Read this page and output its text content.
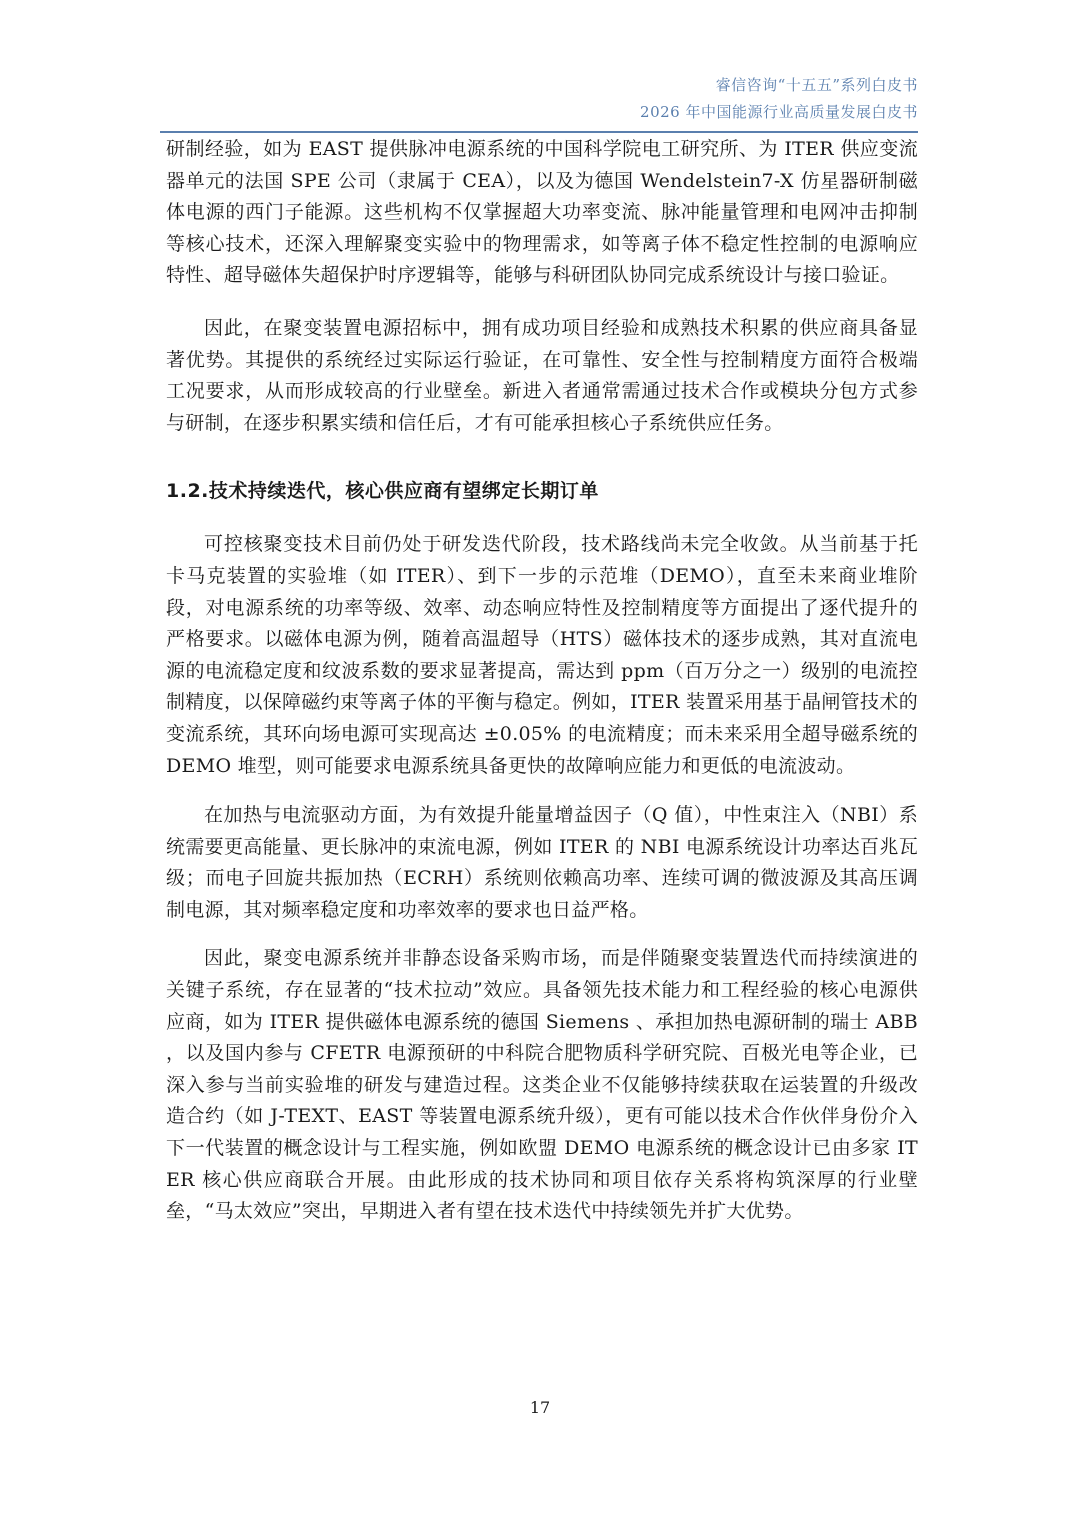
睿信咨询“十五五”系列白皮书
2026 年中国能源行业高质量发展白皮书

研制经验，如为 EAST 提供脉冲电源系统的中国科学院电工研究所、为 ITER 供应变流器单元的法国 SPE 公司（隶属于 CEA），以及为德国 Wendelstein7-X 仿星器研制磁体电源的西门子能源。这些机构不仅掌握超大功率变流、脉冲能量管理和电网冲击抑制等核心技术，还深入理解聚变实验中的物理需求，如等离子体不稳定性控制的电源响应特性、超导磁体失超保护时序逻辑等，能够与科研团队协同完成系统设计与接口验证。

因此，在聚变装置电源招标中，拥有成功项目经验和成熟技术积累的供应商具备显著优势。其提供的系统经过实际运行验证，在可靠性、安全性与控制精度方面符合极端工况要求，从而形成较高的行业壁垒。新进入者通常需通过技术合作或模块分包方式参与研制，在逐步积累实绩和信任后，才有可能承担核心子系统供应任务。

1.2.技术持续迭代，核心供应商有望绑定长期订单

可控核聚变技术目前仍处于研发迭代阶段，技术路线尚未完全收敛。从当前基于托卡马克装置的实验堆（如 ITER）、到下一步的示范堆（DEMO），直至未来商业堆阶段，对电源系统的功率等级、效率、动态响应特性及控制精度等方面提出了逐代提升的严格要求。以磁体电源为例，随着高温超导（HTS）磁体技术的逐步成熟，其对直流电源的电流稳定度和纹波系数的要求显著提高，需达到 ppm（百万分之一）级别的电流控制精度，以保障磁约束等离子体的平衡与稳定。例如，ITER 装置采用基于晶闸管技术的变流系统，其环向场电源可实现高达 ±0.05% 的电流精度；而未来采用全超导磁系统的 DEMO 堆型，则可能要求电源系统具备更快的故障响应能力和更低的电流波动。

在加热与电流驱动方面，为有效提升能量增益因子（Q 值），中性束注入（NBI）系统需要更高能量、更长脉冲的束流电源，例如 ITER 的 NBI 电源系统设计功率达百兆瓦级；而电子回旋共振加热（ECRH）系统则依赖高功率、连续可调的微波源及其高压调制电源，其对频率稳定度和功率效率的要求也日益严格。

因此，聚变电源系统并非静态设备采购市场，而是伴随聚变装置迭代而持续演进的关键子系统，存在显著的“技术拉动”效应。具备领先技术能力和工程经验的核心电源供应商，如为 ITER 提供磁体电源系统的德国 Siemens 、承担加热电源研制的瑞士 ABB ，以及国内参与 CFETR 电源预研的中科院合肥物质科学研究院、百极光电等企业，已深入参与当前实验堆的研发与建造过程。这类企业不仅能够持续获取在运装置的升级改造合约（如 J-TEXT、EAST 等装置电源系统升级），更有可能以技术合作伙伴身份介入下一代装置的概念设计与工程实施，例如欧盟 DEMO 电源系统的概念设计已由多家 ITER 核心供应商联合开展。由此形成的技术协同和项目依存关系将构筑深厚的行业壁垒，“马太效应”突出，早期进入者有望在技术迭代中持续领先并扩大优势。

17
